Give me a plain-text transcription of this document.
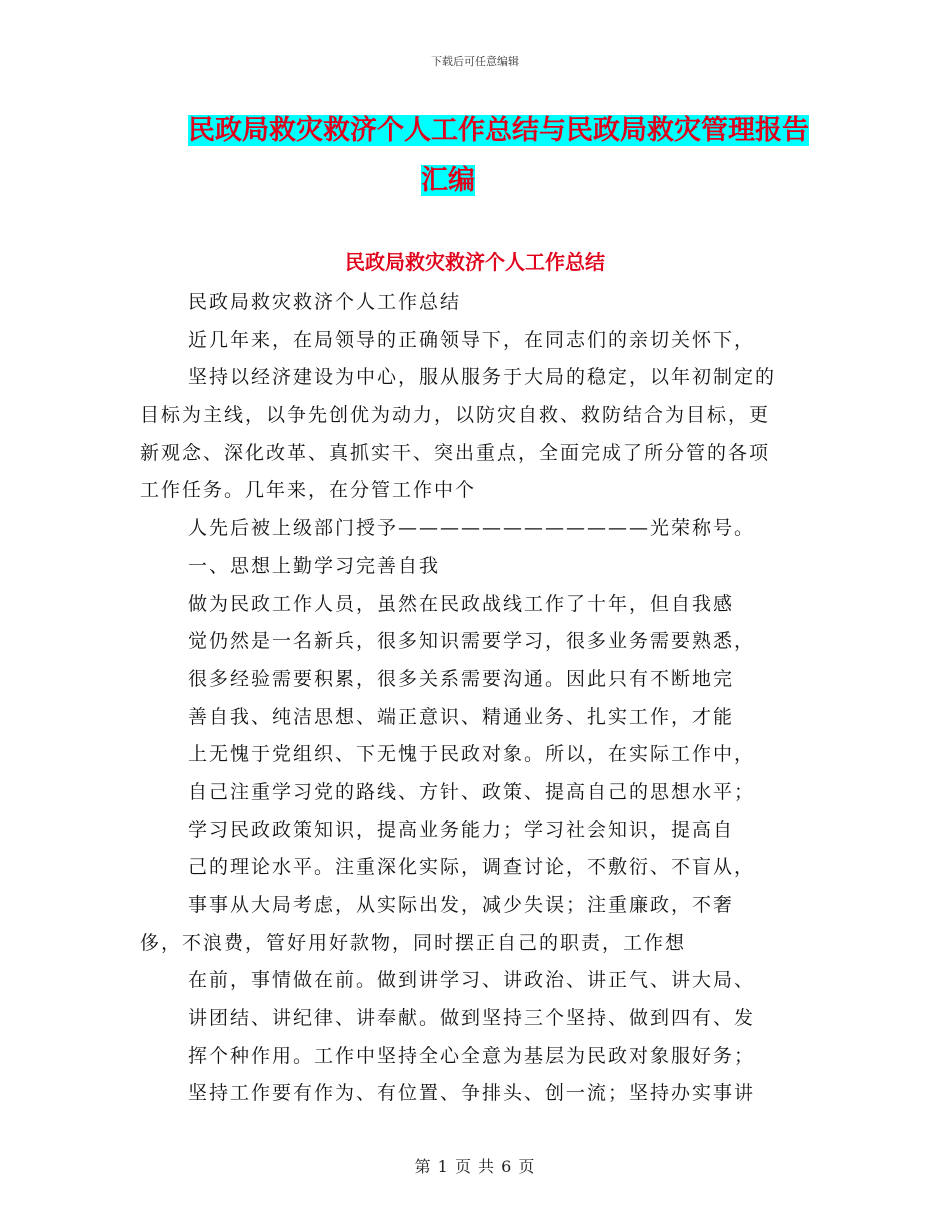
下载后可任意编辑
民政局救灾救济个人工作总结与民政局救灾管理报告
汇编
民政局救灾救济个人工作总结
民政局救灾救济个人工作总结
近几年来，在局领导的正确领导下，在同志们的亲切关怀下，
坚持以经济建设为中心，服从服务于大局的稳定，以年初制定的
目标为主线，以争先创优为动力，以防灾自救、救防结合为目标，更
新观念、深化改革、真抓实干、突出重点，全面完成了所分管的各项
工作任务。几年来，在分管工作中个
人先后被上级部门授予————————————光荣称号。
一、思想上勤学习完善自我
做为民政工作人员，虽然在民政战线工作了十年，但自我感
觉仍然是一名新兵，很多知识需要学习，很多业务需要熟悉，
很多经验需要积累，很多关系需要沟通。因此只有不断地完
善自我、纯洁思想、端正意识、精通业务、扎实工作，才能
上无愧于党组织、下无愧于民政对象。所以，在实际工作中，
自己注重学习党的路线、方针、政策、提高自己的思想水平；
学习民政政策知识，提高业务能力；学习社会知识，提高自
己的理论水平。注重深化实际，调查讨论，不敷衍、不盲从，
事事从大局考虑，从实际出发，减少失误；注重廉政，不奢
侈，不浪费，管好用好款物，同时摆正自己的职责，工作想
在前，事情做在前。做到讲学习、讲政治、讲正气、讲大局、
讲团结、讲纪律、讲奉献。做到坚持三个坚持、做到四有、发
挥个种作用。工作中坚持全心全意为基层为民政对象服好务；
坚持工作要有作为、有位置、争排头、创一流；坚持办实事讲
第 1 页 共 6 页
